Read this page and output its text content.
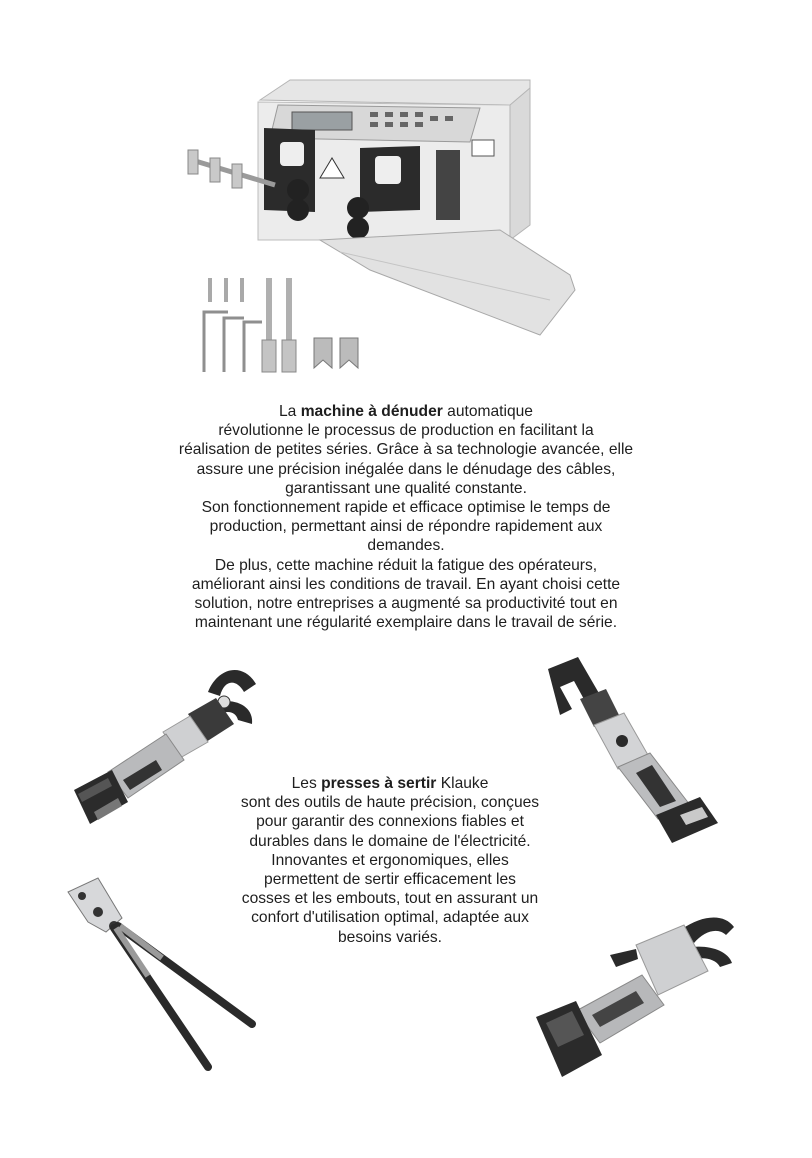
La machine à dénuder automatique
révolutionne le processus de production en facilitant la
réalisation de petites séries. Grâce à sa technologie avancée, elle
assure une précision inégalée dans le dénudage des câbles,
garantissant une qualité constante.
Son fonctionnement rapide et efficace optimise le temps de
production, permettant ainsi de répondre rapidement aux
demandes.
De plus, cette machine réduit la fatigue des opérateurs,
améliorant ainsi les conditions de travail. En ayant choisi cette
solution, notre entreprises a augmenté sa productivité tout en
maintenant une régularité exemplaire dans le travail de série.
Les presses à sertir Klauke
sont des outils de haute précision, conçues
pour garantir des connexions fiables et
durables dans le domaine de l'électricité.
Innovantes et ergonomiques, elles
permettent de sertir efficacement les
cosses et les embouts, tout en assurant un
confort d'utilisation optimal, adaptée aux
besoins variés.
